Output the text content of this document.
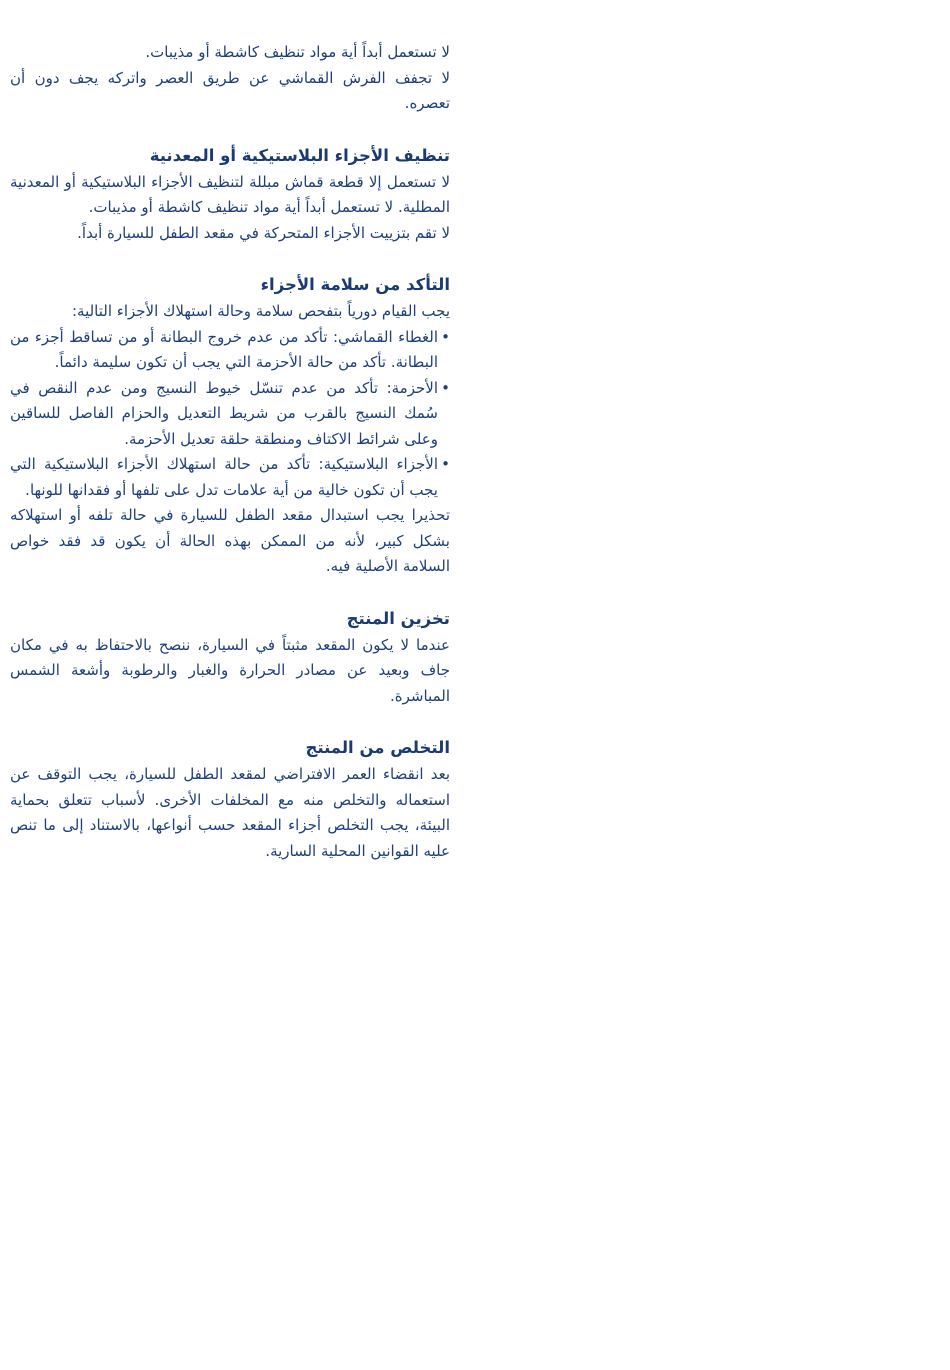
لا تستعمل أبداً أية مواد تنظيف كاشطة أو مذيبات.

لا تجفف الفرش القماشي عن طريق العصر واتركه يجف دون أن تعصره.

تنظيف الأجزاء البلاستيكية أو المعدنية

لا تستعمل إلا قطعة قماش مبللة لتنظيف الأجزاء البلاستيكية أو المعدنية المطلية. لا تستعمل أبداً أية مواد تنظيف كاشطة أو مذيبات.

لا تقم بتزييت الأجزاء المتحركة في مقعد الطفل للسيارة أبداً.

التأكد من سلامة الأجزاء

يجب القيام دورياً بتفحص سلامة وحالة استهلاك الأجزاء التالية:

•
الغطاء القماشي: تأكد من عدم خروج البطانة أو من تساقط أجزء من البطانة. تأكد من حالة الأحزمة التي يجب أن تكون سليمة دائماً.
•
الأحزمة: تأكد من عدم تنسّل خيوط النسيج ومن عدم النقص في سُمك النسيج بالقرب من شريط التعديل والحزام الفاصل للساقين وعلى شرائط الاكتاف ومنطقة حلقة تعديل الأحزمة.
•
الأجزاء البلاستيكية: تأكد من حالة استهلاك الأجزاء البلاستيكية التي يجب أن تكون خالية من أية علامات تدل على تلفها أو فقدانها للونها.

تحذيرا يجب استبدال مقعد الطفل للسيارة في حالة تلفه أو استهلاكه بشكل كبير، لأنه من الممكن بهذه الحالة أن يكون قد فقد خواص السلامة الأصلية فيه.

تخزين المنتج

عندما لا يكون المقعد مثبتاً في السيارة، ننصح بالاحتفاظ به في مكان جاف وبعيد عن مصادر الحرارة والغبار والرطوبة وأشعة الشمس المباشرة.

التخلص من المنتج

بعد انقضاء العمر الافتراضي لمقعد الطفل للسيارة، يجب التوقف عن استعماله والتخلص منه مع المخلفات الأخرى. لأسباب تتعلق بحماية البيئة، يجب التخلص أجزاء المقعد حسب أنواعها، بالاستناد إلى ما تنص عليه القوانين المحلية السارية.
